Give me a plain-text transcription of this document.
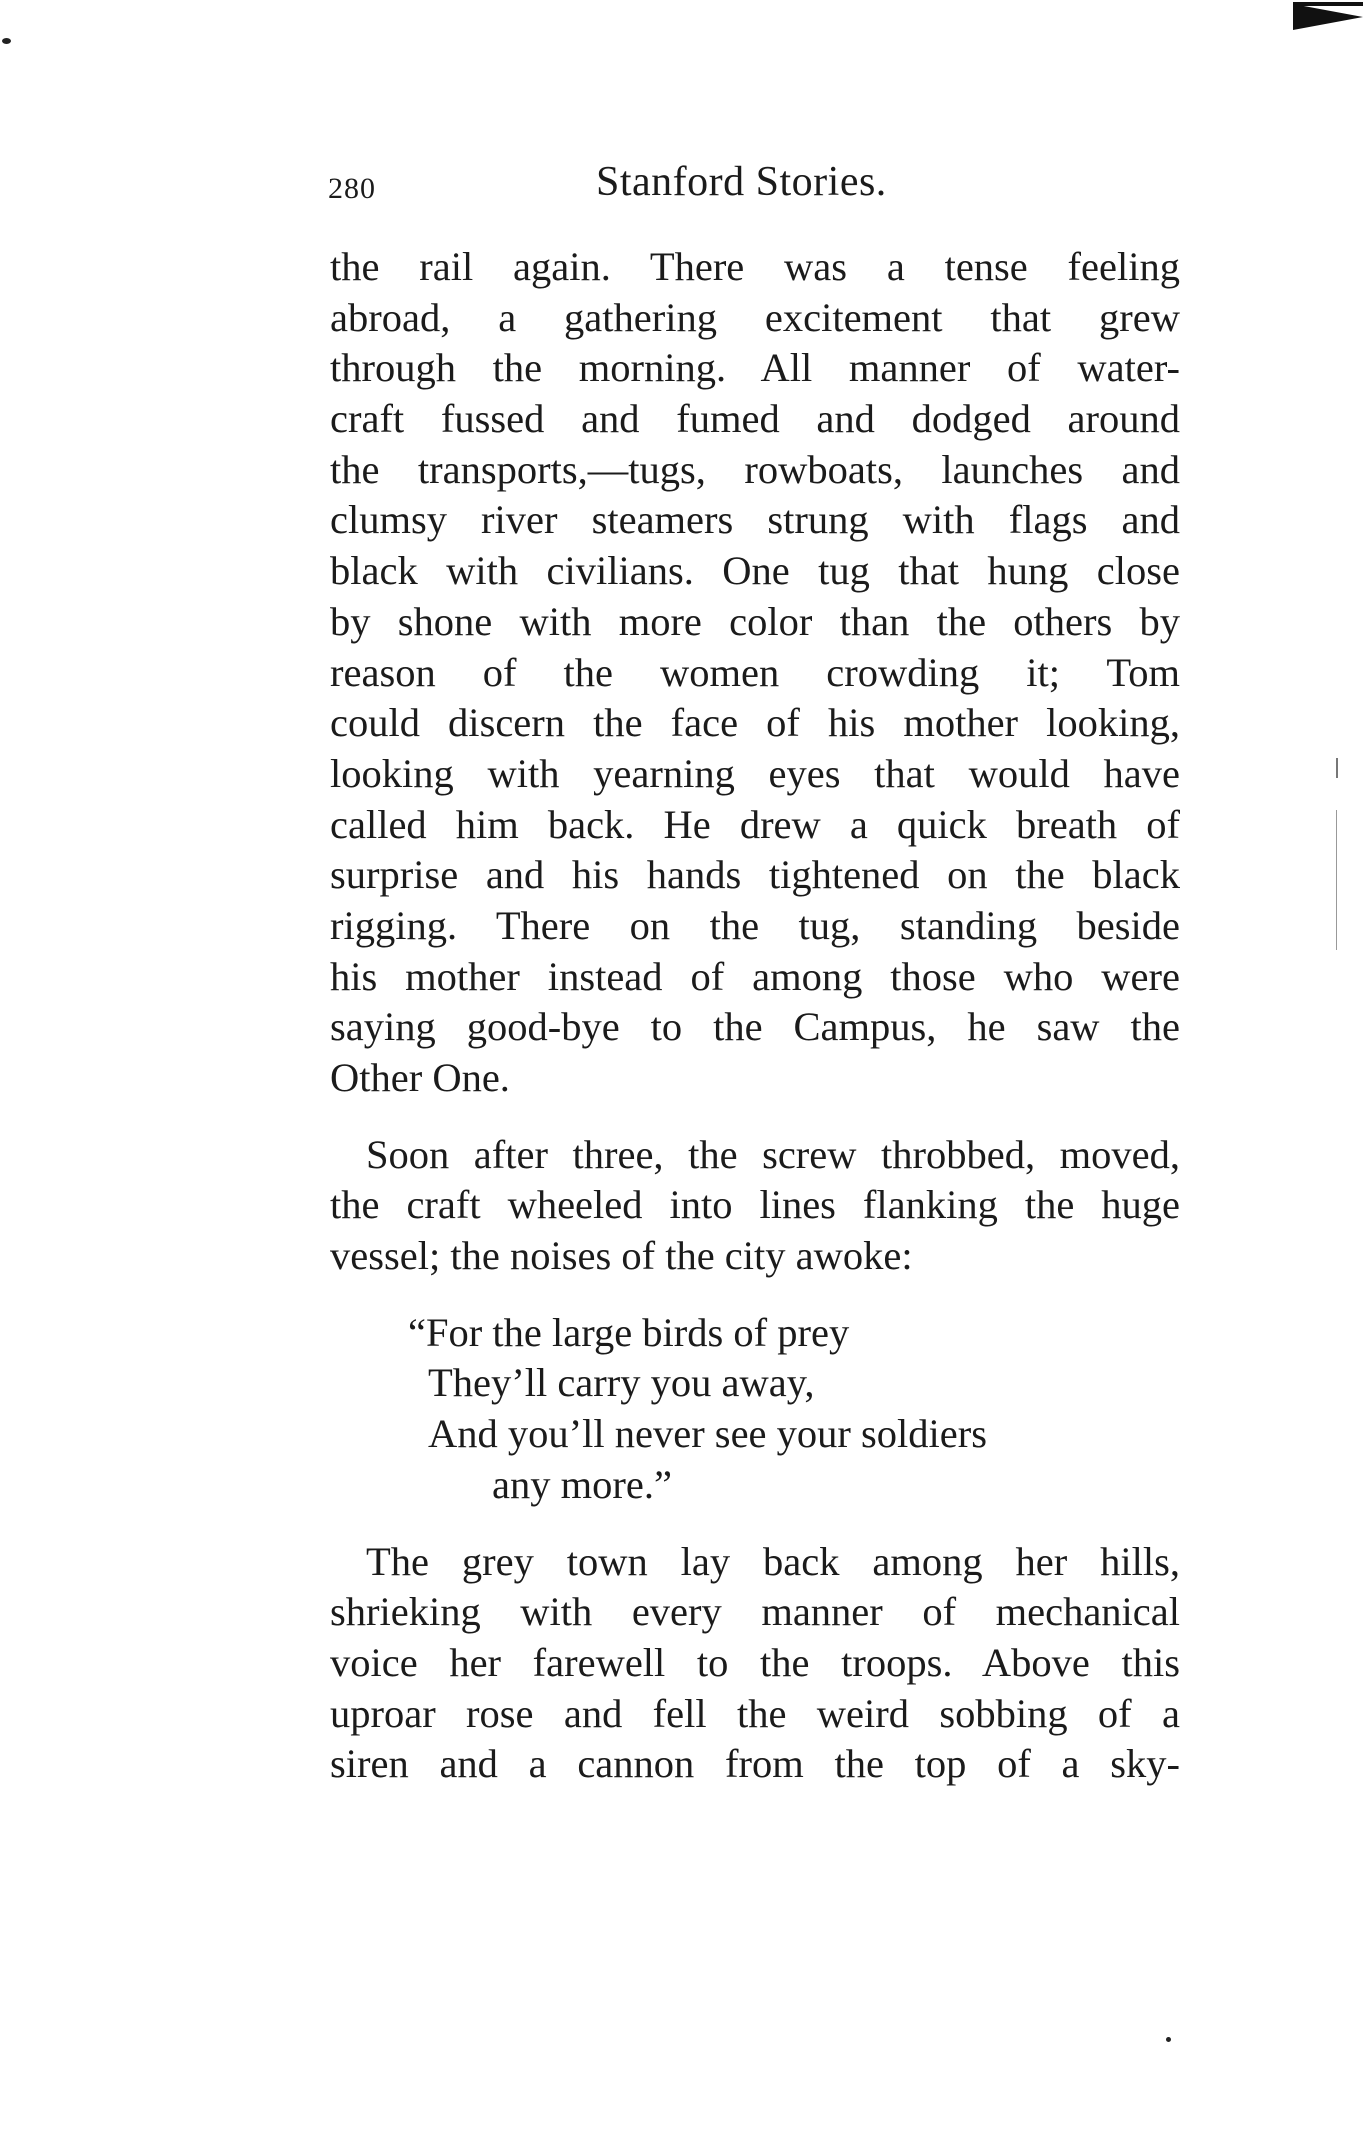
280	Stanford Stories.
the rail again. There was a tense feeling
abroad, a gathering excitement that grew
through the morning. All manner of water-
craft fussed and fumed and dodged around
the transports,—tugs, rowboats, launches and
clumsy river steamers strung with flags and
black with civilians. One tug that hung close
by shone with more color than the others by
reason of the women crowding it; Tom
could discern the face of his mother looking,
looking with yearning eyes that would have
called him back. He drew a quick breath of
surprise and his hands tightened on the black
rigging. There on the tug, standing beside
his mother instead of among those who were
saying good-bye to the Campus, he saw the
Other One.
Soon after three, the screw throbbed, moved,
the craft wheeled into lines flanking the huge
vessel; the noises of the city awoke:
“For the large birds of prey
They’ll carry you away,
And you’ll never see your soldiers
any more.”
The grey town lay back among her hills,
shrieking with every manner of mechanical
voice her farewell to the troops. Above this
uproar rose and fell the weird sobbing of a
siren and a cannon from the top of a sky-
